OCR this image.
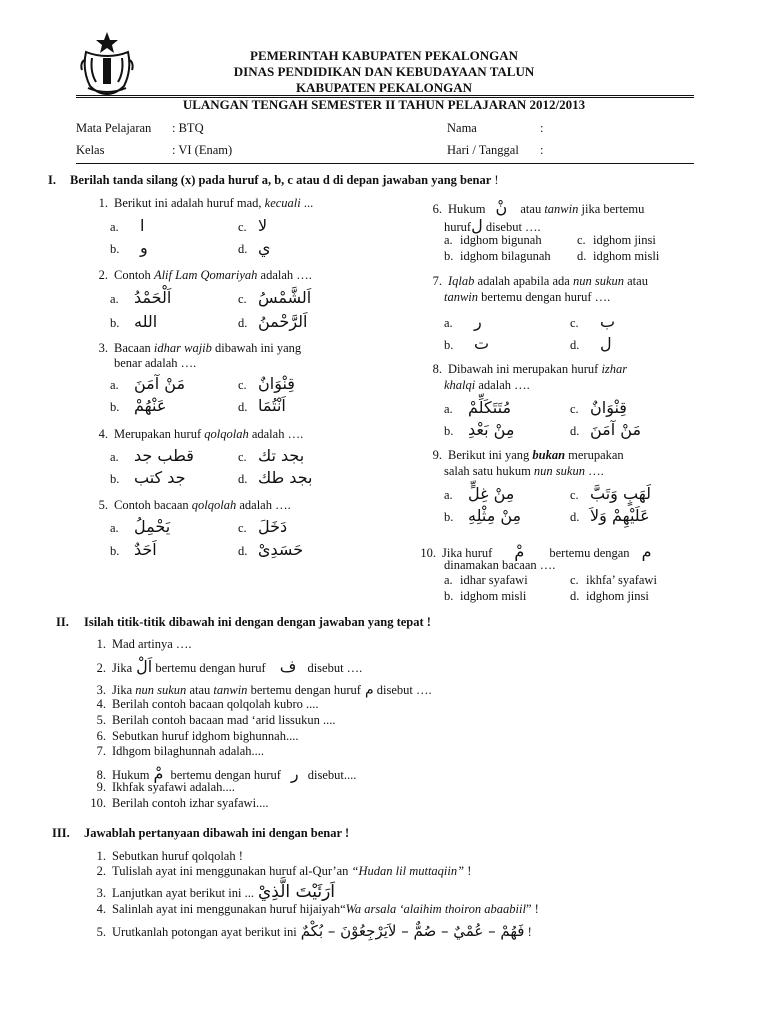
PEMERINTAH KABUPATEN PEKALONGAN
DINAS PENDIDIKAN DAN KEBUDAYAAN TALUN
KABUPATEN PEKALONGAN
ULANGAN TENGAH SEMESTER II TAHUN PELAJARAN 2012/2013
Mata Pelajaran : BTQ	Nama	:
Kelas	: VI (Enam)	Hari / Tanggal :
I. Berilah tanda silang (x) pada huruf a, b, c atau d di depan jawaban yang benar !
1. Berikut ini adalah huruf mad, kecuali ...
a. ا	c. لا
b. و	d. ي
2. Contoh Alif Lam Qomariyah adalah ….
a. اَلْحَمْدُ	c. اَلشَّمْسُ
b. الله	d. اَلرَّحْمنُ
3. Bacaan idhar wajib dibawah ini yang
benar adalah ….
a. مَنْ آمَنَ	c. قِنْوَانٌ
b. عَنْهُمْ	d. اَنْتُمَا
4. Merupakan huruf qolqolah adalah ….
a. قطب جد	c. بجد تك
b. جد كتب	d. بجد طك
5. Contoh bacaan qolqolah adalah ….
a. يَحْمِلُ	c. دَخَلَ
b. اَحَدٌ	d. حَسَدِىْ
6. Hukum نْ atau tanwin jika bertemu
hurufل disebut ….
a. idghom bigunah	c. idghom jinsi
b. idghom bilagunah d. idghom misli
7. Iqlab adalah apabila ada nun sukun atau
tanwin bertemu dengan huruf ….
a. ر	c. ب
b. ت	d. ل
8. Dibawah ini merupakan huruf izhar
khalqi adalah ….
a. مُتَتَكَلِّمْ	c. قِنْوَانٌ
b. مِنْ بَعْدِ	d. مَنْ آمَنَ
9. Berikut ini yang bukan merupakan
salah satu hukum nun sukun ….
a. مِنْ غِلٍّ	c. لَهَبٍ وَتَبَّ
b. مِنْ مِثْلِهِ	d. عَلَيْهِمْ وَلاَ
10. Jika huruf مْ bertemu dengan م
dinamakan bacaan ….
a. idhar syafawi	c. ikhfa’ syafawi
b. idghom misli	d. idghom jinsi
II. Isilah titik-titik dibawah ini dengan dengan jawaban yang tepat !
1. Mad artinya ….
2. Jika اَلْ bertemu dengan huruf ف disebut ….
3. Jika nun sukun atau tanwin bertemu dengan huruf م disebut ….
4. Berilah contoh bacaan qolqolah kubro ....
5. Berilah contoh bacaan mad ‘arid lissukun ....
6. Sebutkan huruf idghom bighunnah....
7. Idhgom bilaghunnah adalah....
8. Hukum مْ bertemu dengan huruf ر disebut....
9. Ikhfak syafawi adalah....
10. Berilah contoh izhar syafawi....
III. Jawablah pertanyaan dibawah ini dengan benar !
1. Sebutkan huruf qolqolah !
2. Tulislah ayat ini menggunakan huruf al-Qur’an “Hudan lil muttaqiin” !
3. Lanjutkan ayat berikut ini ... اَرَئَيْتَ الَّذِيْ
4. Salinlah ayat ini menggunakan huruf hijaiyah“Wa arsala ‘alaihim thoiron abaabiil” !
5. Urutkanlah potongan ayat berikut ini فَهُمْ – عُمْيٌ – صُمٌّ – لاَيَرْجِعُوْنَ – بُكْمٌ !
